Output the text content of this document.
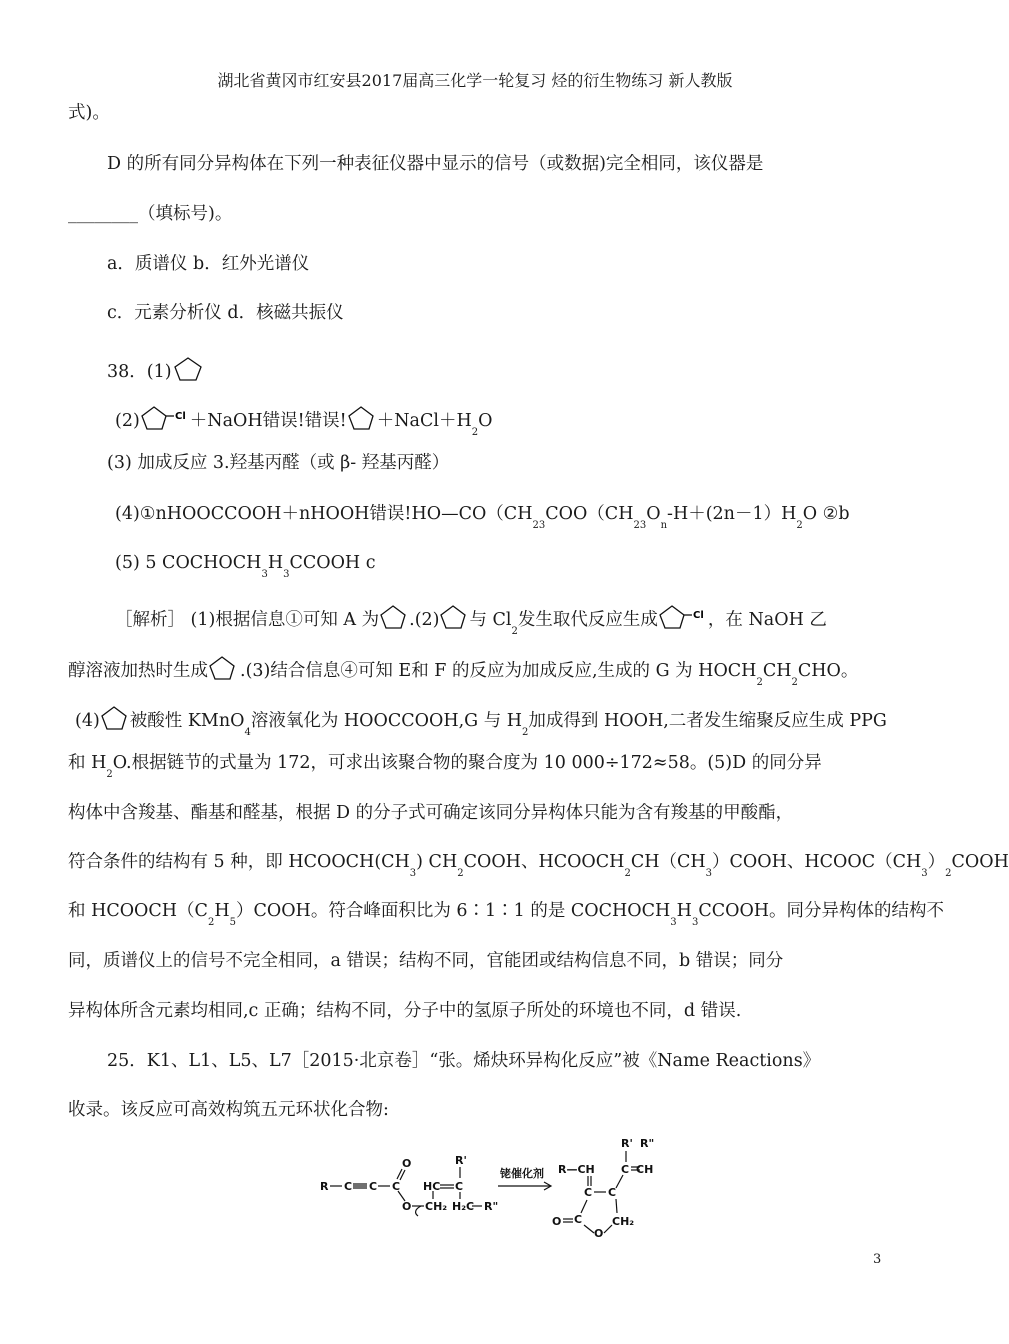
湖北省黄冈市红安县2017届高三化学一轮复习 烃的衍生物练习 新人教版
式)。
D 的所有同分异构体在下列一种表征仪器中显示的信号（或数据)完全相同，该仪器是
________（填标号)。
a．质谱仪 b．红外光谱仪
c．元素分析仪 d．核磁共振仪
38．(1)
(2)	Cl ＋NaOH错误!错误! $+NaCl+H_2O$
(3) 加成反应 3.羟基丙醛（或 β- 羟基丙醛）
(4)①nHOOCCOOH＋nHOOH错误$!HO—CO(CH_{23}COO(CH_{23}O_n-H+(2n-1)H_2O$ ②b
(5) 5 $COCHOCH_3H_3CCOOH$ c
［解析］ (1)根据信息①可知 A 为 .(2) 与 $Cl_2$发生取代反应生成	Cl ，在 NaOH 乙
醇溶液加热时生成 .(3)结合信息④可知 E和 F 的反应为加成反应,生成的 G 为 $HOCH_2CH_2CHO$。
(4) 被酸性 KMnO$_4$溶液氧化为 HOOCCOOH,G 与 $H_2$加成得到 HOOH,二者发生缩聚反应生成 PPG
和 $H_2O$.根据链节的式量为 172，可求出该聚合物的聚合度为 10 000÷172≈58。(5)D 的同分异
构体中含羧基、酯基和醛基，根据 D 的分子式可确定该同分异构体只能为含有羧基的甲酸酯，
符合条件的结构有 5 种，即 $HCOOCH(CH_3)$ $CH_2COOH$、$HCOOCH_2CH(CH_3)COOH$、$HCOOC(CH_3)_2COOH$
和 $HCOOCH(C_2H_5)COOH$。符合峰面积比为 6∶1∶1 的是 $COCHOCH_3H_3CCOOH$。同分异构体的结构不
同，质谱仪上的信号不完全相同，a 错误；结构不同，官能团或结构信息不同，b 错误；同分
异构体所含元素均相同,c 正确；结构不同，分子中的氢原子所处的环境也不同，d 错误.
25．K1、L1、L5、L7［2015·北京卷］“张。烯炔环异构化反应”被《Name Reactions》
收录。该反应可高效构筑五元环状化合物:
R C C C
O
O CH₂
HC C
R'
H₂C R"
铑催化剂 R—CH
C C
C
R'
CH
R"
C
O
O
CH₂
3
